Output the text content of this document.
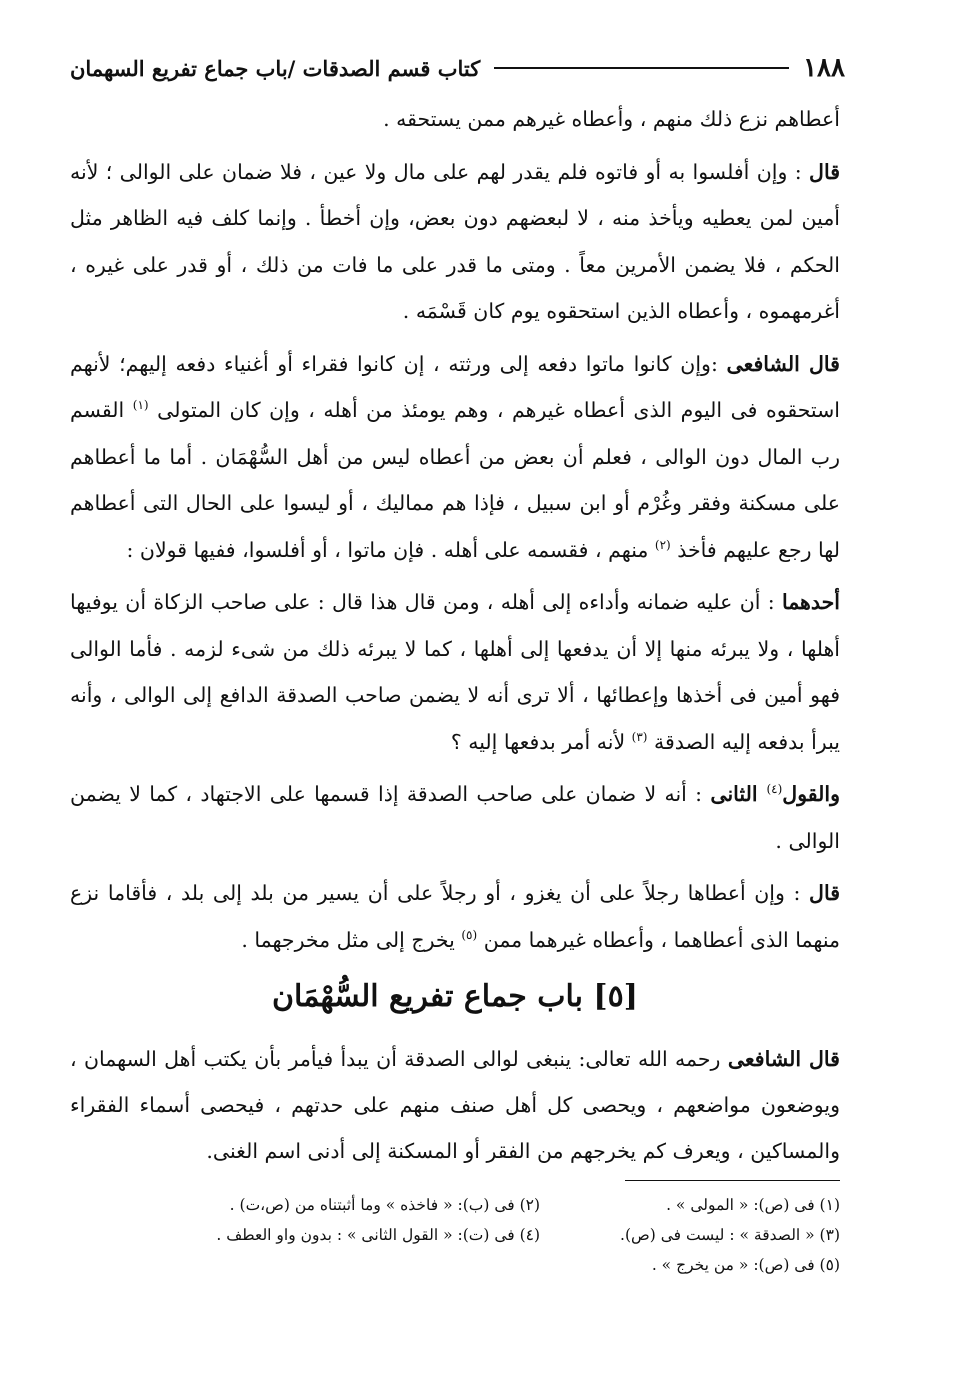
١٨٨
كتاب قسم الصدقات /باب جماع تفريع السهمان

أعطاهم نزع ذلك منهم ، وأعطاه غيرهم ممن يستحقه .

قال : وإن أفلسوا به أو فاتوه فلم يقدر لهم على مال ولا عين ، فلا ضمان على الوالى ؛ لأنه أمين لمن يعطيه ويأخذ منه ، لا لبعضهم دون بعض، وإن أخطأ . وإنما كلف فيه الظاهر مثل الحكم ، فلا يضمن الأمرين معاً . ومتى ما قدر على ما فات من ذلك ، أو قدر على غيره ، أغرمهموه ، وأعطاه الذين استحقوه يوم كان قَسْمَه .

قال الشافعى :وإن كانوا ماتوا دفعه إلى ورثته ، إن كانوا فقراء أو أغنياء دفعه إليهم؛ لأنهم استحقوه فى اليوم الذى أعطاه غيرهم ، وهم يومئذ من أهله ، وإن كان المتولى $^{(١)}$ القسم رب المال دون الوالى ، فعلم أن بعض من أعطاه ليس من أهل السُّهْمَان . أما ما أعطاهم على مسكنة وفقر وغُرْم أو ابن سبيل ، فإذا هم مماليك ، أو ليسوا على الحال التى أعطاهم لها رجع عليهم فأخذ $^{(٢)}$ منهم ، فقسمه على أهله . فإن ماتوا ، أو أفلسوا، ففيها قولان :

أحدهما : أن عليه ضمانه وأداءه إلى أهله ، ومن قال هذا قال : على صاحب الزكاة أن يوفيها أهلها ، ولا يبرئه منها إلا أن يدفعها إلى أهلها ، كما لا يبرئه ذلك من شىء لزمه . فأما الوالى فهو أمين فى أخذها وإعطائها ، ألا ترى أنه لا يضمن صاحب الصدقة الدافع إلى الوالى ، وأنه يبرأ بدفعه إليه الصدقة $^{(٣)}$ لأنه أمر بدفعها إليه ؟

والقول$^{(٤)}$ الثانى : أنه لا ضمان على صاحب الصدقة إذا قسمها على الاجتهاد ، كما لا يضمن الوالى .

قال : وإن أعطاها رجلاً على أن يغزو ، أو رجلاً على أن يسير من بلد إلى بلد ، فأقاما نزع منهما الذى أعطاهما ، وأعطاه غيرهما ممن $^{(٥)}$ يخرج إلى مثل مخرجهما .

[٥] باب جماع تفريع السُّهْمَان

قال الشافعى رحمه الله تعالى: ينبغى لوالى الصدقة أن يبدأ فيأمر بأن يكتب أهل السهمان ، ويوضعون مواضعهم ، ويحصى كل أهل صنف منهم على حدتهم ، فيحصى أسماء الفقراء والمساكين ، ويعرف كم يخرجهم من الفقر أو المسكنة إلى أدنى اسم الغنى.

(١) فى (ص): « المولى » .
(٣) « الصدقة » : ليست فى (ص).
(٥) فى (ص): « من يخرج » .
(٢) فى (ب): « فاخذه » وما أثبتناه من (ص،ت) .
(٤) فى (ت): « القول الثانى » : بدون واو العطف .
